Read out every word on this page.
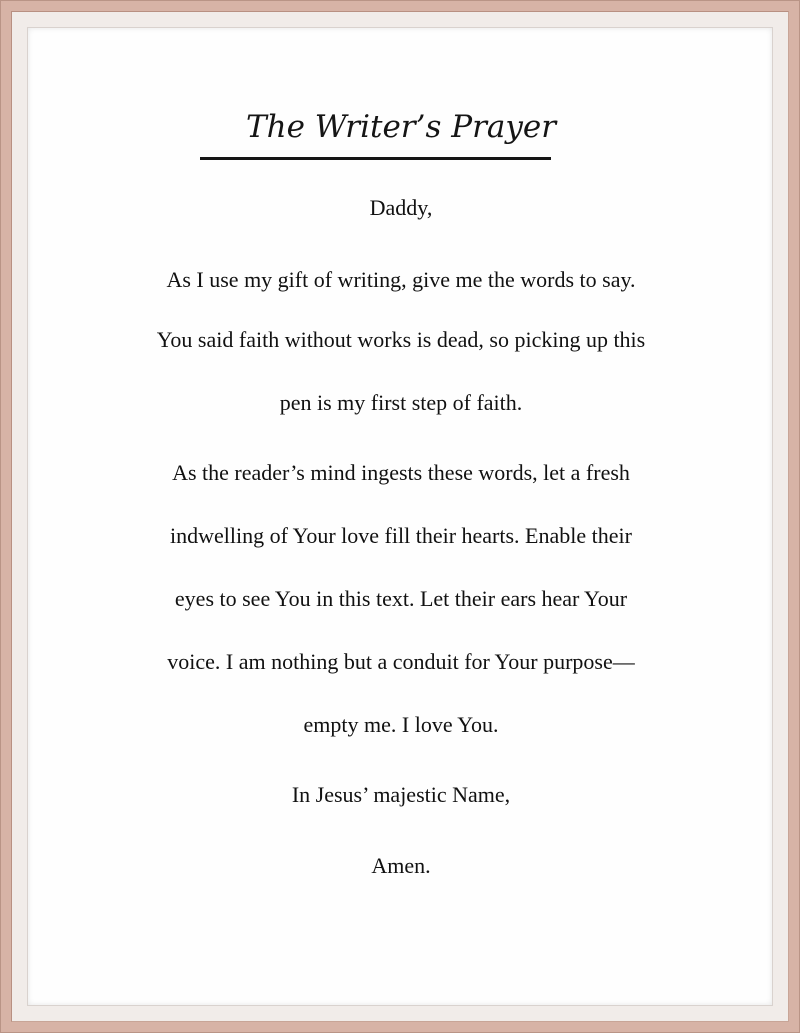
The Writer’s Prayer
Daddy,
As I use my gift of writing, give me the words to say.
You said faith without works is dead, so picking up this
pen is my first step of faith.
As the reader’s mind ingests these words, let a fresh
indwelling of Your love fill their hearts. Enable their
eyes to see You in this text. Let their ears hear Your
voice. I am nothing but a conduit for Your purpose—
empty me. I love You.
In Jesus’ majestic Name,
Amen.
